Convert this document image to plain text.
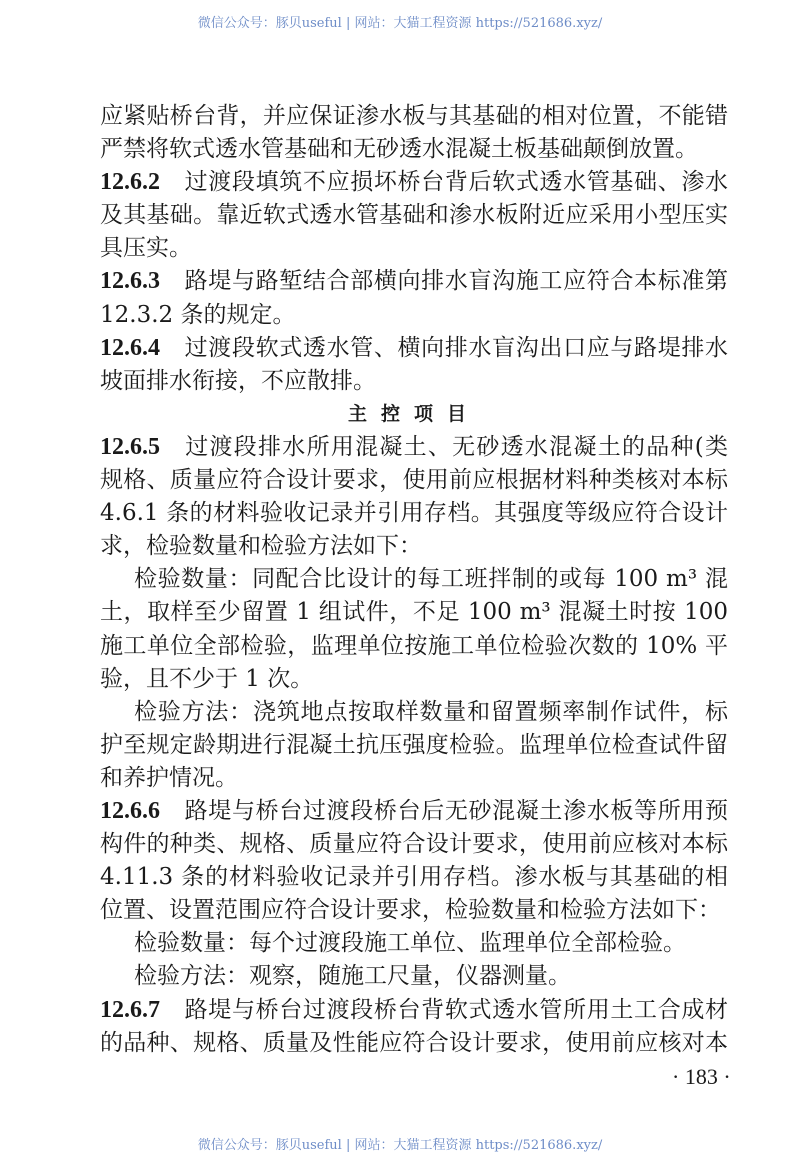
微信公众号：豚贝useful | 网站：大猫工程资源 https://521686.xyz/
应紧贴桥台背，并应保证渗水板与其基础的相对位置，不能错
严禁将软式透水管基础和无砂透水混凝土板基础颠倒放置。
12.6.2 过渡段填筑不应损坏桥台背后软式透水管基础、渗水
及其基础。靠近软式透水管基础和渗水板附近应采用小型压实
具压实。
12.6.3 路堤与路堑结合部横向排水盲沟施工应符合本标准第
12.3.2 条的规定。
12.6.4 过渡段软式透水管、横向排水盲沟出口应与路堤排水
坡面排水衔接，不应散排。
主控项目
12.6.5 过渡段排水所用混凝土、无砂透水混凝土的品种(类
规格、质量应符合设计要求，使用前应根据材料种类核对本标
4.6.1 条的材料验收记录并引用存档。其强度等级应符合设计
求，检验数量和检验方法如下：
检验数量：同配合比设计的每工班拌制的或每 100 m³ 混
土，取样至少留置 1 组试件，不足 100 m³ 混凝土时按 100
施工单位全部检验，监理单位按施工单位检验次数的 10% 平
验，且不少于 1 次。
检验方法：浇筑地点按取样数量和留置频率制作试件，标
护至规定龄期进行混凝土抗压强度检验。监理单位检查试件留
和养护情况。
12.6.6 路堤与桥台过渡段桥台后无砂混凝土渗水板等所用预
构件的种类、规格、质量应符合设计要求，使用前应核对本标
4.11.3 条的材料验收记录并引用存档。渗水板与其基础的相
位置、设置范围应符合设计要求，检验数量和检验方法如下：
检验数量：每个过渡段施工单位、监理单位全部检验。
检验方法：观察，随施工尺量，仪器测量。
12.6.7 路堤与桥台过渡段桥台背软式透水管所用土工合成材
的品种、规格、质量及性能应符合设计要求，使用前应核对本
· 183 ·
微信公众号：豚贝useful | 网站：大猫工程资源 https://521686.xyz/
